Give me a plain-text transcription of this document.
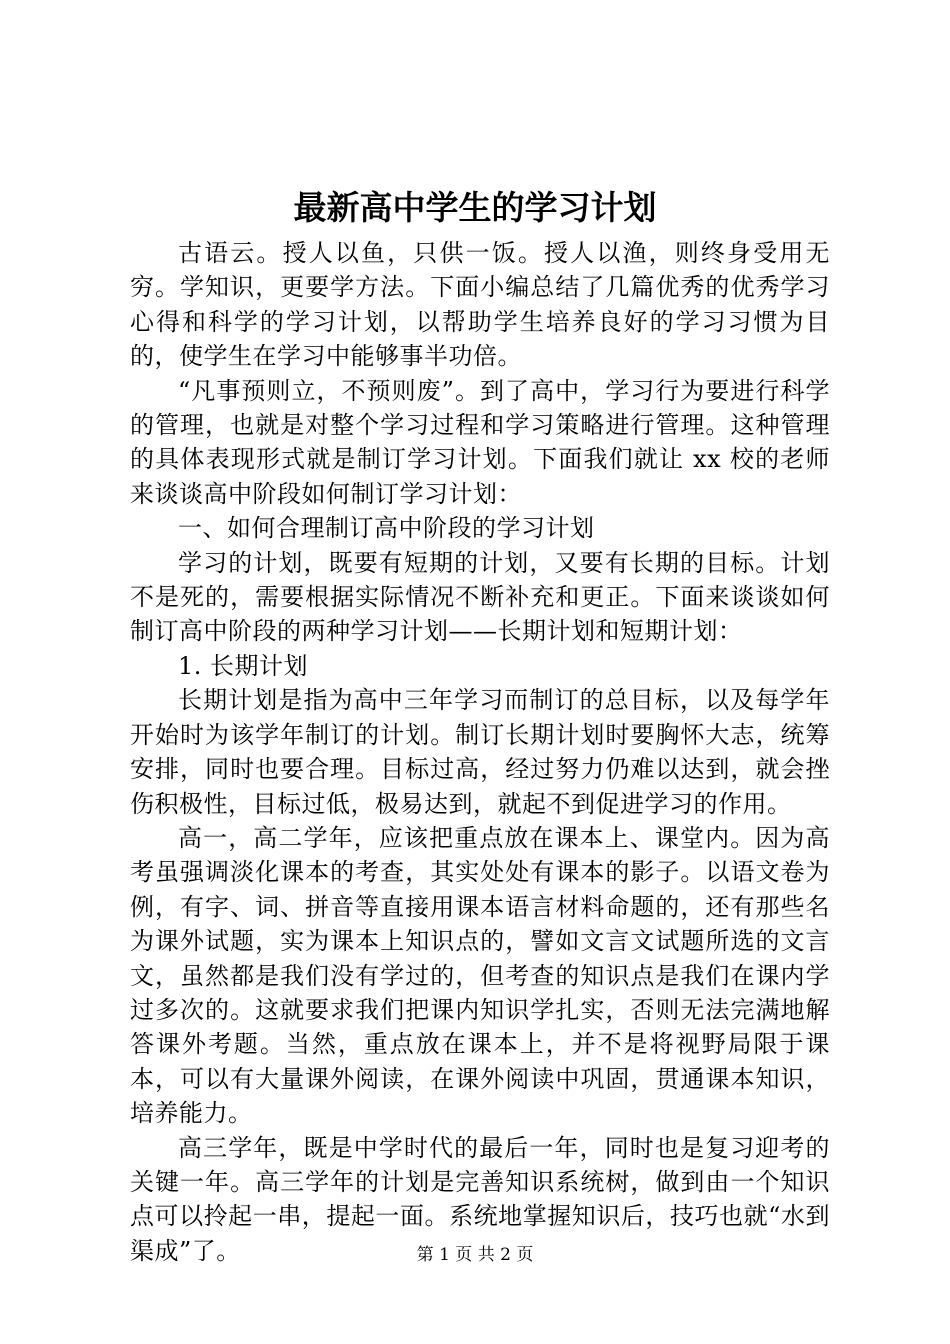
最新高中学生的学习计划

古语云。授人以鱼，只供一饭。授人以渔，则终身受用无穷。学知识，更要学方法。下面小编总结了几篇优秀的优秀学习心得和科学的学习计划，以帮助学生培养良好的学习习惯为目的，使学生在学习中能够事半功倍。

“凡事预则立，不预则废”。到了高中，学习行为要进行科学的管理，也就是对整个学习过程和学习策略进行管理。这种管理的具体表现形式就是制订学习计划。下面我们就让 xx 校的老师来谈谈高中阶段如何制订学习计划：

一、如何合理制订高中阶段的学习计划

学习的计划，既要有短期的计划，又要有长期的目标。计划不是死的，需要根据实际情况不断补充和更正。下面来谈谈如何制订高中阶段的两种学习计划——长期计划和短期计划：

1. 长期计划

长期计划是指为高中三年学习而制订的总目标，以及每学年开始时为该学年制订的计划。制订长期计划时要胸怀大志，统筹安排，同时也要合理。目标过高，经过努力仍难以达到，就会挫伤积极性，目标过低，极易达到，就起不到促进学习的作用。

高一，高二学年，应该把重点放在课本上、课堂内。因为高考虽强调淡化课本的考查，其实处处有课本的影子。以语文卷为例，有字、词、拼音等直接用课本语言材料命题的，还有那些名为课外试题，实为课本上知识点的，譬如文言文试题所选的文言文，虽然都是我们没有学过的，但考查的知识点是我们在课内学过多次的。这就要求我们把课内知识学扎实，否则无法完满地解答课外考题。当然，重点放在课本上，并不是将视野局限于课本，可以有大量课外阅读，在课外阅读中巩固，贯通课本知识，培养能力。

高三学年，既是中学时代的最后一年，同时也是复习迎考的关键一年。高三学年的计划是完善知识系统树，做到由一个知识点可以拎起一串，提起一面。系统地掌握知识后，技巧也就“水到渠成”了。	第 1 页 共 2 页
